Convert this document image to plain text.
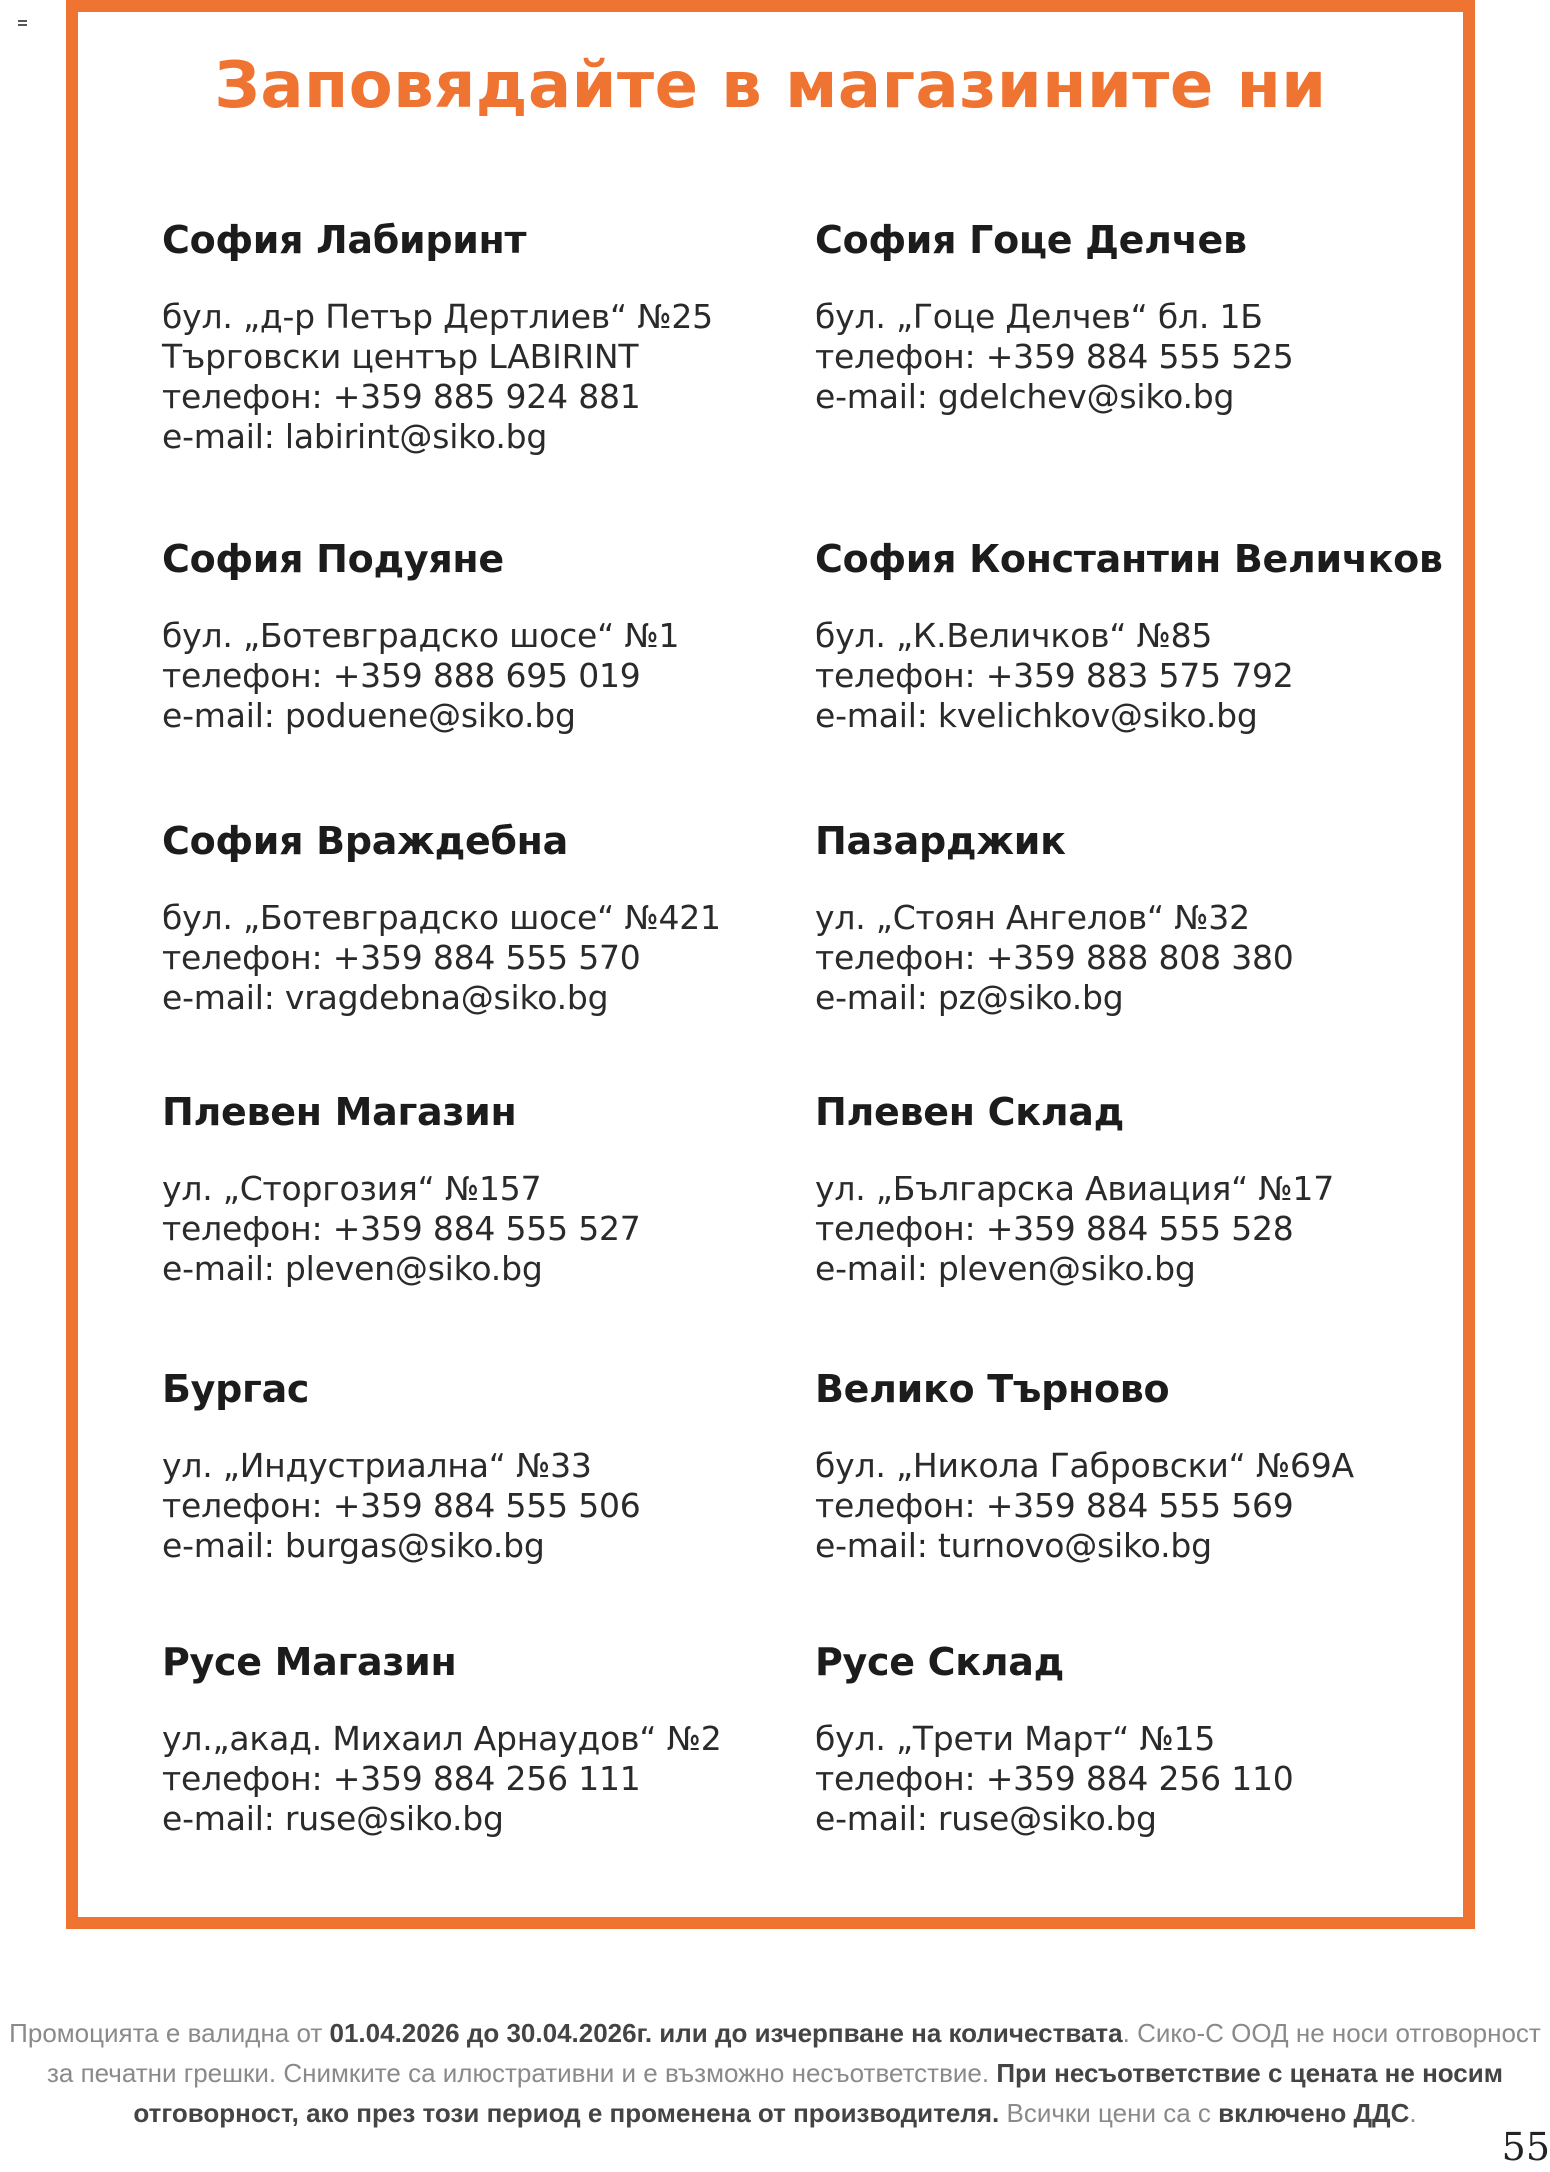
Заповядайте в магазините ни
София Лабиринт
бул. „д-р Петър Дертлиев“ №25
Търговски център LABIRINT
телефон: +359 885 924 881
e-mail: labirint@siko.bg
София Подуяне
бул. „Ботевградско шосе“ №1
телефон: +359 888 695 019
e-mail: poduene@siko.bg
София Враждебна
бул. „Ботевградско шосе“ №421
телефон: +359 884 555 570
e-mail: vragdebna@siko.bg
Плевен Магазин
ул. „Сторгозия“ №157
телефон: +359 884 555 527
e-mail: pleven@siko.bg
Бургас
ул. „Индустриална“ №33
телефон: +359 884 555 506
e-mail: burgas@siko.bg
Русе Магазин
ул.„акад. Михаил Арнаудов“ №2
телефон: +359 884 256 111
e-mail: ruse@siko.bg
София Гоце Делчев
бул. „Гоце Делчев“ бл. 1Б
телефон: +359 884 555 525
e-mail: gdelchev@siko.bg
София Константин Величков
бул. „К.Величков“ №85
телефон: +359 883 575 792
e-mail: kvelichkov@siko.bg
Пазарджик
ул. „Стоян Ангелов“ №32
телефон: +359 888 808 380
e-mail: pz@siko.bg
Плевен Склад
ул. „Българска Авиация“ №17
телефон: +359 884 555 528
e-mail: pleven@siko.bg
Велико Търново
бул. „Никола Габровски“ №69А
телефон: +359 884 555 569
e-mail: turnovo@siko.bg
Русе Склад
бул. „Трети Март“ №15
телефон: +359 884 256 110
e-mail: ruse@siko.bg
Промоцията е валидна от 01.04.2026 до 30.04.2026г. или до изчерпване на количествата. Сико-С ООД не носи отговорност
за печатни грешки. Снимките са илюстративни и е възможно несъответствие. При несъответствие с цената не носим
отговорност, ако през този период е променена от производителя. Всички цени са с включено ДДС.
55
